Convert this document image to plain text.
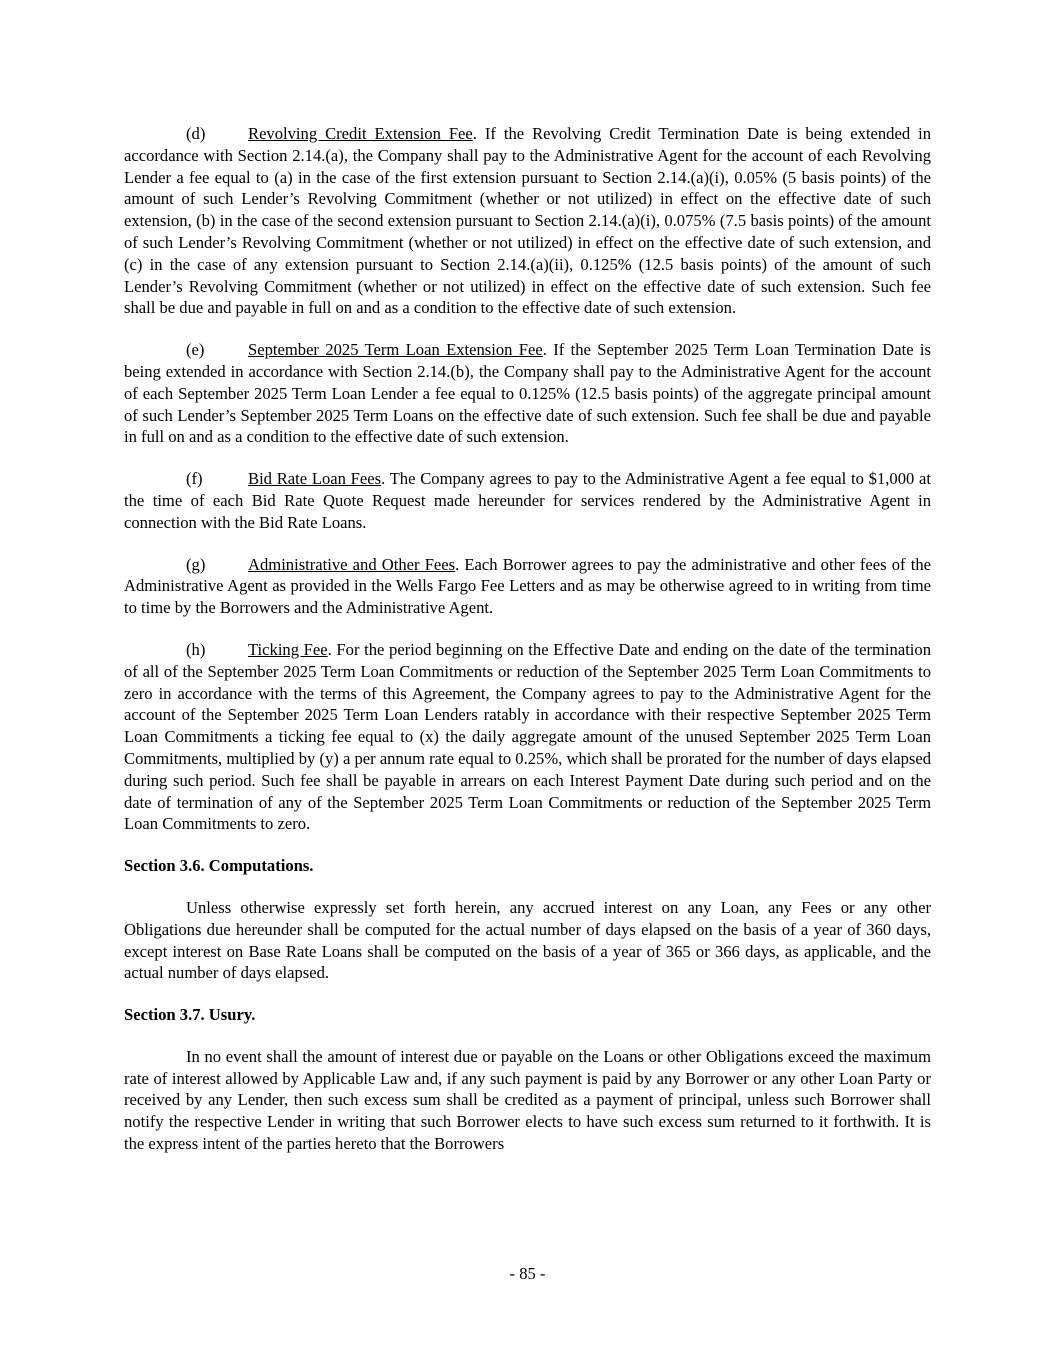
(d)	Revolving Credit Extension Fee. If the Revolving Credit Termination Date is being extended in accordance with Section 2.14.(a), the Company shall pay to the Administrative Agent for the account of each Revolving Lender a fee equal to (a) in the case of the first extension pursuant to Section 2.14.(a)(i), 0.05% (5 basis points) of the amount of such Lender’s Revolving Commitment (whether or not utilized) in effect on the effective date of such extension, (b) in the case of the second extension pursuant to Section 2.14.(a)(i), 0.075% (7.5 basis points) of the amount of such Lender’s Revolving Commitment (whether or not utilized) in effect on the effective date of such extension, and (c) in the case of any extension pursuant to Section 2.14.(a)(ii), 0.125% (12.5 basis points) of the amount of such Lender’s Revolving Commitment (whether or not utilized) in effect on the effective date of such extension. Such fee shall be due and payable in full on and as a condition to the effective date of such extension.

(e)	September 2025 Term Loan Extension Fee. If the September 2025 Term Loan Termination Date is being extended in accordance with Section 2.14.(b), the Company shall pay to the Administrative Agent for the account of each September 2025 Term Loan Lender a fee equal to 0.125% (12.5 basis points) of the aggregate principal amount of such Lender’s September 2025 Term Loans on the effective date of such extension. Such fee shall be due and payable in full on and as a condition to the effective date of such extension.

(f)	Bid Rate Loan Fees. The Company agrees to pay to the Administrative Agent a fee equal to $1,000 at the time of each Bid Rate Quote Request made hereunder for services rendered by the Administrative Agent in connection with the Bid Rate Loans.

(g)	Administrative and Other Fees. Each Borrower agrees to pay the administrative and other fees of the Administrative Agent as provided in the Wells Fargo Fee Letters and as may be otherwise agreed to in writing from time to time by the Borrowers and the Administrative Agent.

(h)	Ticking Fee. For the period beginning on the Effective Date and ending on the date of the termination of all of the September 2025 Term Loan Commitments or reduction of the September 2025 Term Loan Commitments to zero in accordance with the terms of this Agreement, the Company agrees to pay to the Administrative Agent for the account of the September 2025 Term Loan Lenders ratably in accordance with their respective September 2025 Term Loan Commitments a ticking fee equal to (x) the daily aggregate amount of the unused September 2025 Term Loan Commitments, multiplied by (y) a per annum rate equal to 0.25%, which shall be prorated for the number of days elapsed during such period. Such fee shall be payable in arrears on each Interest Payment Date during such period and on the date of termination of any of the September 2025 Term Loan Commitments or reduction of the September 2025 Term Loan Commitments to zero.

Section 3.6. Computations.

Unless otherwise expressly set forth herein, any accrued interest on any Loan, any Fees or any other Obligations due hereunder shall be computed for the actual number of days elapsed on the basis of a year of 360 days, except interest on Base Rate Loans shall be computed on the basis of a year of 365 or 366 days, as applicable, and the actual number of days elapsed.

Section 3.7. Usury.

In no event shall the amount of interest due or payable on the Loans or other Obligations exceed the maximum rate of interest allowed by Applicable Law and, if any such payment is paid by any Borrower or any other Loan Party or received by any Lender, then such excess sum shall be credited as a payment of principal, unless such Borrower shall notify the respective Lender in writing that such Borrower elects to have such excess sum returned to it forthwith. It is the express intent of the parties hereto that the Borrowers

- 85 -
